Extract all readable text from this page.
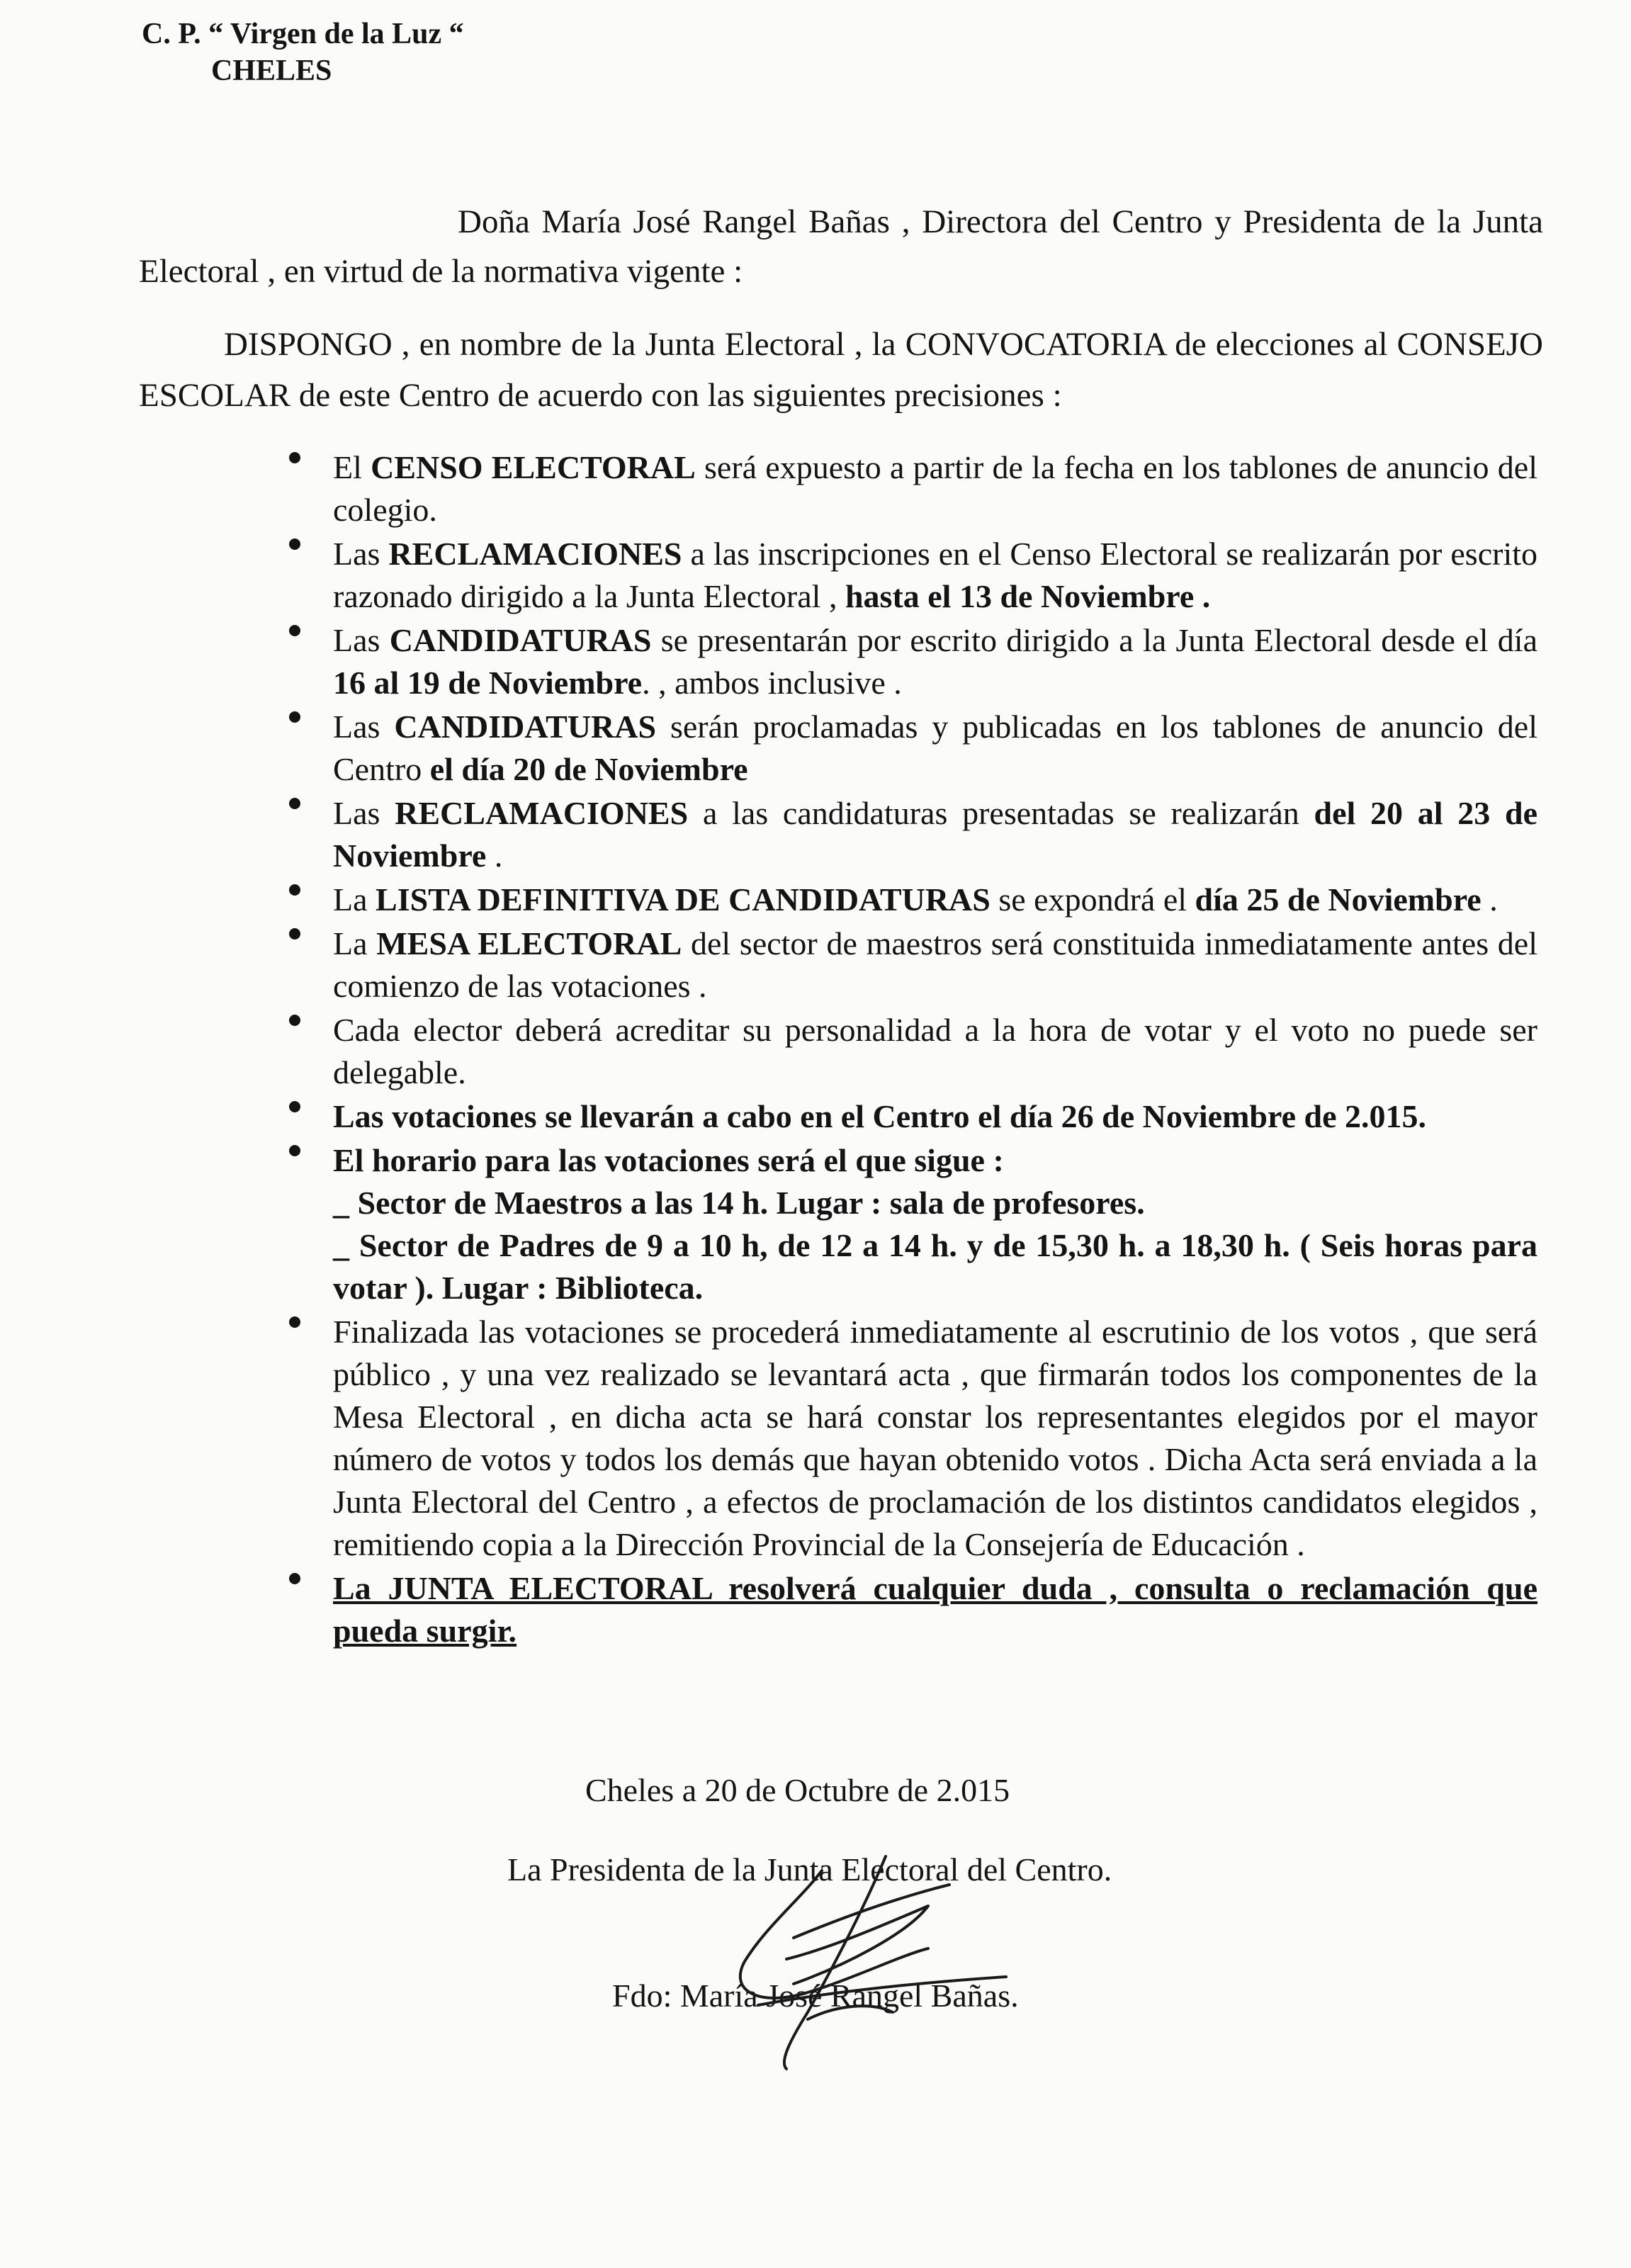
C. P. “ Virgen de la Luz “
CHELES
Doña María José Rangel Bañas , Directora del Centro y Presidenta de la Junta Electoral , en virtud de la normativa vigente :
DISPONGO , en nombre de la Junta Electoral , la CONVOCATORIA de elecciones al CONSEJO ESCOLAR de este Centro de acuerdo con las siguientes precisiones :
El CENSO ELECTORAL será expuesto a partir de la fecha en los tablones de anuncio del colegio.
Las RECLAMACIONES a las inscripciones en el Censo Electoral se realizarán por escrito razonado dirigido a la Junta Electoral , hasta el 13 de Noviembre .
Las CANDIDATURAS se presentarán por escrito dirigido a la Junta Electoral desde el día 16 al 19 de Noviembre. , ambos inclusive .
Las CANDIDATURAS serán proclamadas y publicadas en los tablones de anuncio del Centro el día 20 de Noviembre
Las RECLAMACIONES a las candidaturas presentadas se realizarán del 20 al 23 de Noviembre .
La LISTA DEFINITIVA DE CANDIDATURAS se expondrá el día 25 de Noviembre .
La MESA ELECTORAL del sector de maestros será constituida inmediatamente antes del comienzo de las votaciones .
Cada elector deberá acreditar su personalidad a la hora de votar y el voto no puede ser delegable.
Las votaciones se llevarán a cabo en el Centro el día 26 de Noviembre de 2.015.
El horario para las votaciones será el que sigue :
_ Sector de Maestros a las 14 h. Lugar : sala de profesores.
_ Sector de Padres de 9 a 10 h, de 12 a 14 h. y de 15,30 h. a 18,30 h. ( Seis horas para votar ). Lugar : Biblioteca.
Finalizada las votaciones se procederá inmediatamente al escrutinio de los votos , que será público , y una vez realizado se levantará acta , que firmarán todos los componentes de la Mesa Electoral , en dicha acta se hará constar los representantes elegidos por el mayor número de votos y todos los demás que hayan obtenido votos . Dicha Acta será enviada a la Junta Electoral del Centro , a efectos de proclamación de los distintos candidatos elegidos , remitiendo copia a la Dirección Provincial de la Consejería de Educación .
La JUNTA ELECTORAL resolverá cualquier duda , consulta o reclamación que pueda surgir.
Cheles a 20 de Octubre de 2.015
La Presidenta de la Junta Electoral del Centro.
Fdo: María José Rangel Bañas.
